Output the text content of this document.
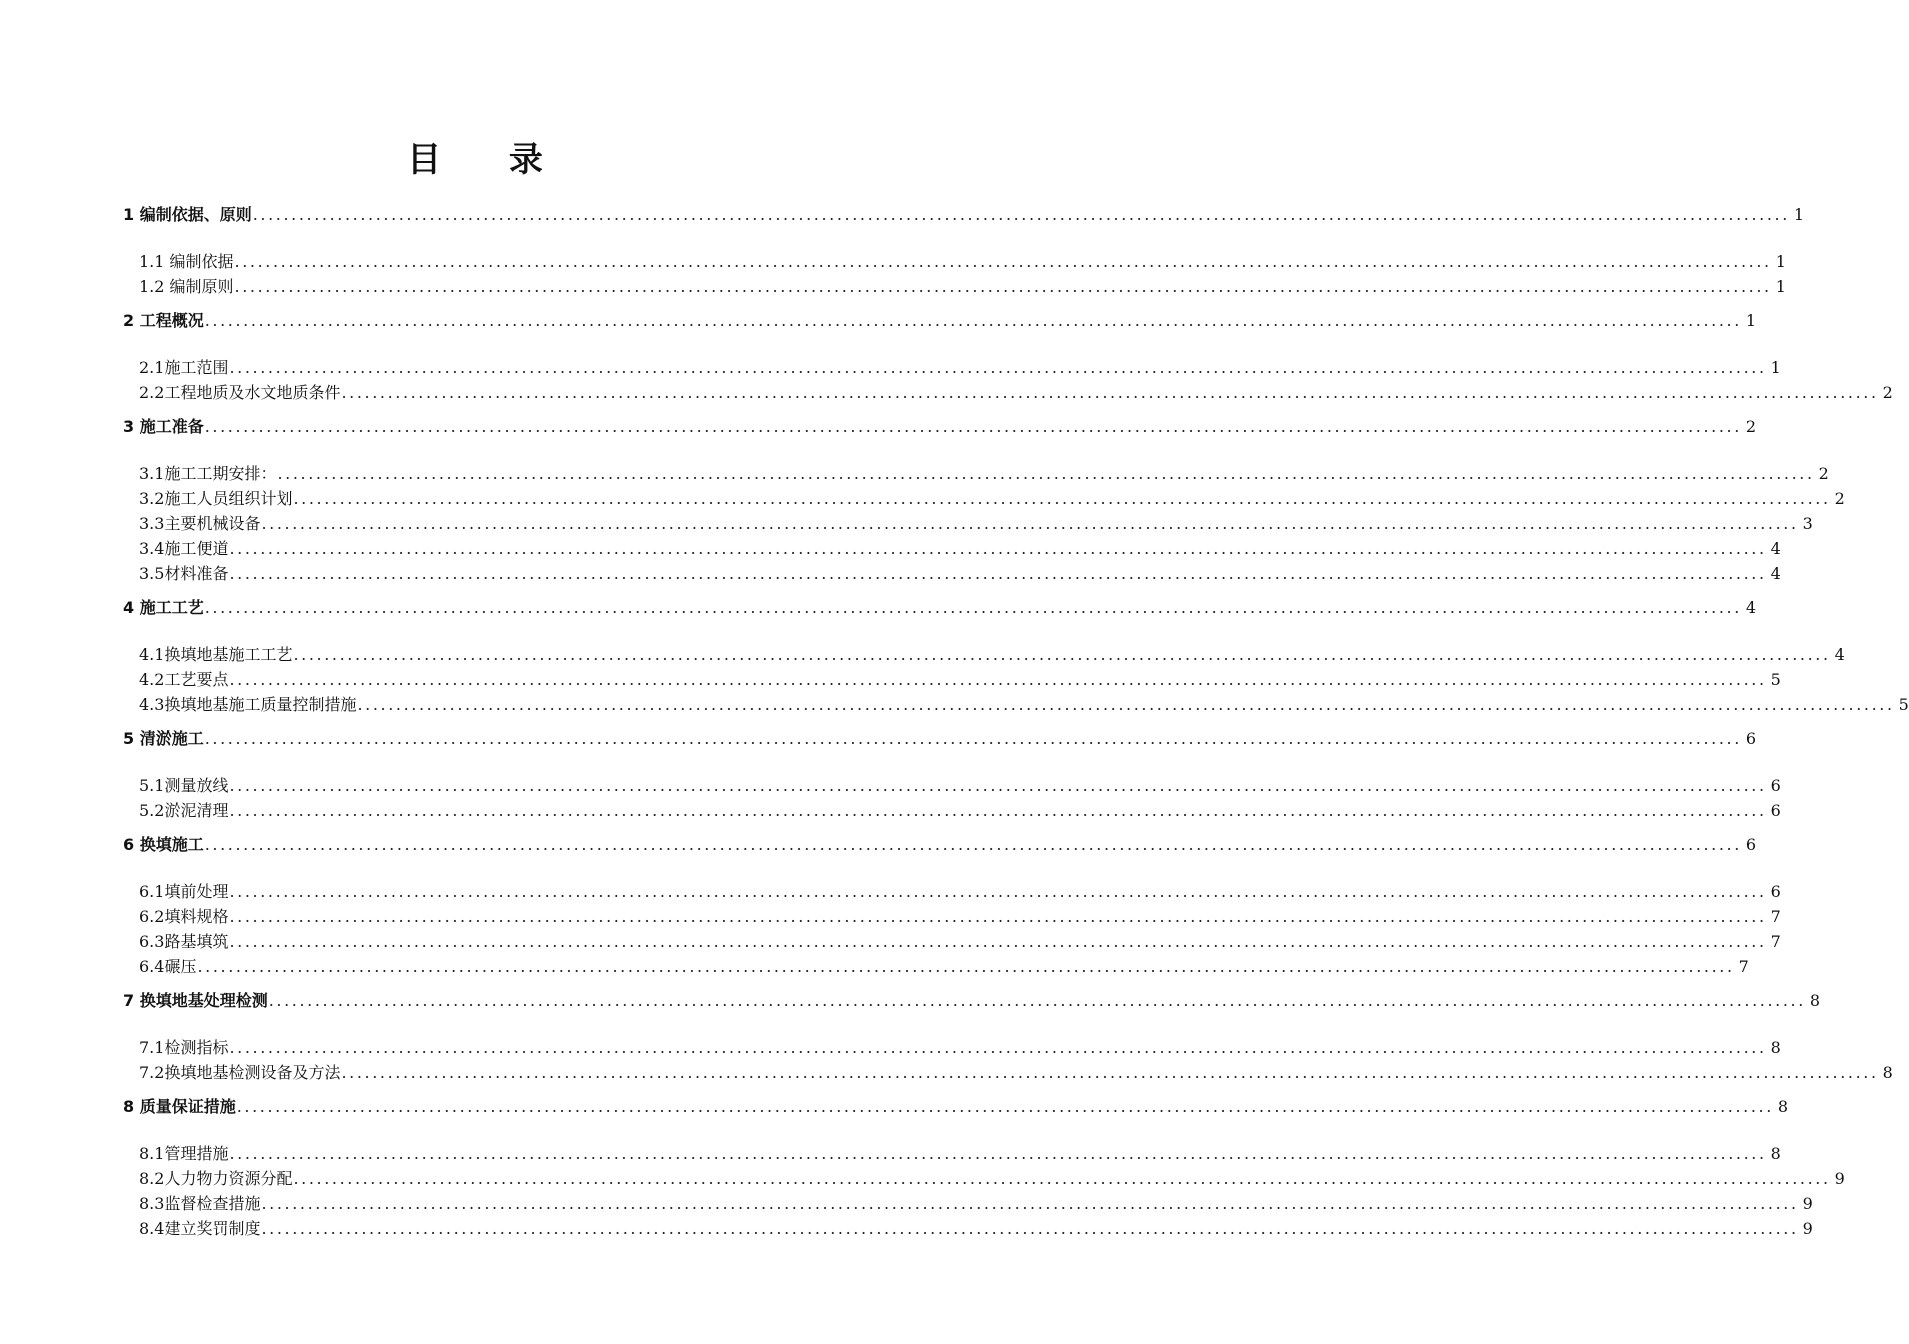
目 录
1 编制依据、原则 ........................................................................................................................................................................................................ 1
1.1 编制依据 ........................................................................................................................................................................................................ 1
1.2 编制原则 ........................................................................................................................................................................................................ 1
2 工程概况 ........................................................................................................................................................................................................ 1
2.1施工范围 ........................................................................................................................................................................................................ 1
2.2工程地质及水文地质条件 ........................................................................................................................................................................................................ 2
3 施工准备 ........................................................................................................................................................................................................ 2
3.1施工工期安排： ........................................................................................................................................................................................................ 2
3.2施工人员组织计划 ........................................................................................................................................................................................................ 2
3.3主要机械设备 ........................................................................................................................................................................................................ 3
3.4施工便道 ........................................................................................................................................................................................................ 4
3.5材料准备 ........................................................................................................................................................................................................ 4
4 施工工艺 ........................................................................................................................................................................................................ 4
4.1换填地基施工工艺 ........................................................................................................................................................................................................ 4
4.2工艺要点 ........................................................................................................................................................................................................ 5
4.3换填地基施工质量控制措施 ........................................................................................................................................................................................................ 5
5 清淤施工 ........................................................................................................................................................................................................ 6
5.1测量放线 ........................................................................................................................................................................................................ 6
5.2淤泥清理 ........................................................................................................................................................................................................ 6
6 换填施工 ........................................................................................................................................................................................................ 6
6.1填前处理 ........................................................................................................................................................................................................ 6
6.2填料规格 ........................................................................................................................................................................................................ 7
6.3路基填筑 ........................................................................................................................................................................................................ 7
6.4碾压 ........................................................................................................................................................................................................ 7
7 换填地基处理检测 ........................................................................................................................................................................................................ 8
7.1检测指标 ........................................................................................................................................................................................................ 8
7.2换填地基检测设备及方法 ........................................................................................................................................................................................................ 8
8 质量保证措施 ........................................................................................................................................................................................................ 8
8.1管理措施 ........................................................................................................................................................................................................ 8
8.2人力物力资源分配 ........................................................................................................................................................................................................ 9
8.3监督检查措施 ........................................................................................................................................................................................................ 9
8.4建立奖罚制度 ........................................................................................................................................................................................................ 9
